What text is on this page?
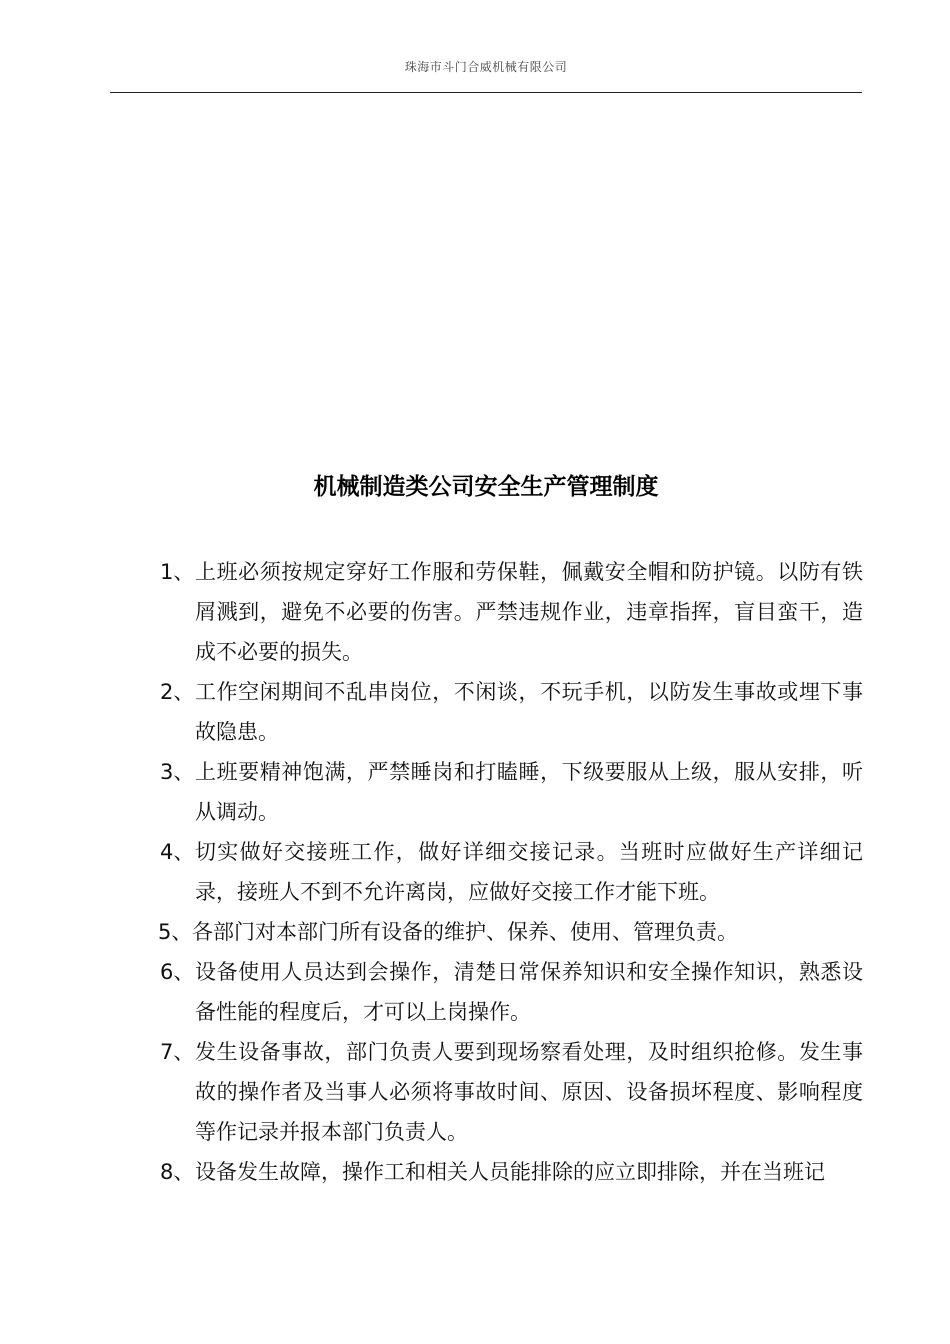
珠海市斗门合威机械有限公司
机械制造类公司安全生产管理制度
1、 上班必须按规定穿好工作服和劳保鞋，佩戴安全帽和防护镜。以防有铁屑溅到，避免不必要的伤害。严禁违规作业，违章指挥，盲目蛮干，造成不必要的损失。
2、 工作空闲期间不乱串岗位，不闲谈，不玩手机，以防发生事故或埋下事故隐患。
3、 上班要精神饱满，严禁睡岗和打瞌睡，下级要服从上级，服从安排，听从调动。
4、 切实做好交接班工作，做好详细交接记录。当班时应做好生产详细记录，接班人不到不允许离岗，应做好交接工作才能下班。
5、 各部门对本部门所有设备的维护、保养、使用、管理负责。
6、 设备使用人员达到会操作，清楚日常保养知识和安全操作知识，熟悉设备性能的程度后，才可以上岗操作。
7、 发生设备事故，部门负责人要到现场察看处理，及时组织抢修。发生事故的操作者及当事人必须将事故时间、原因、设备损坏程度、影响程度等作记录并报本部门负责人。
8、 设备发生故障，操作工和相关人员能排除的应立即排除，并在当班记
